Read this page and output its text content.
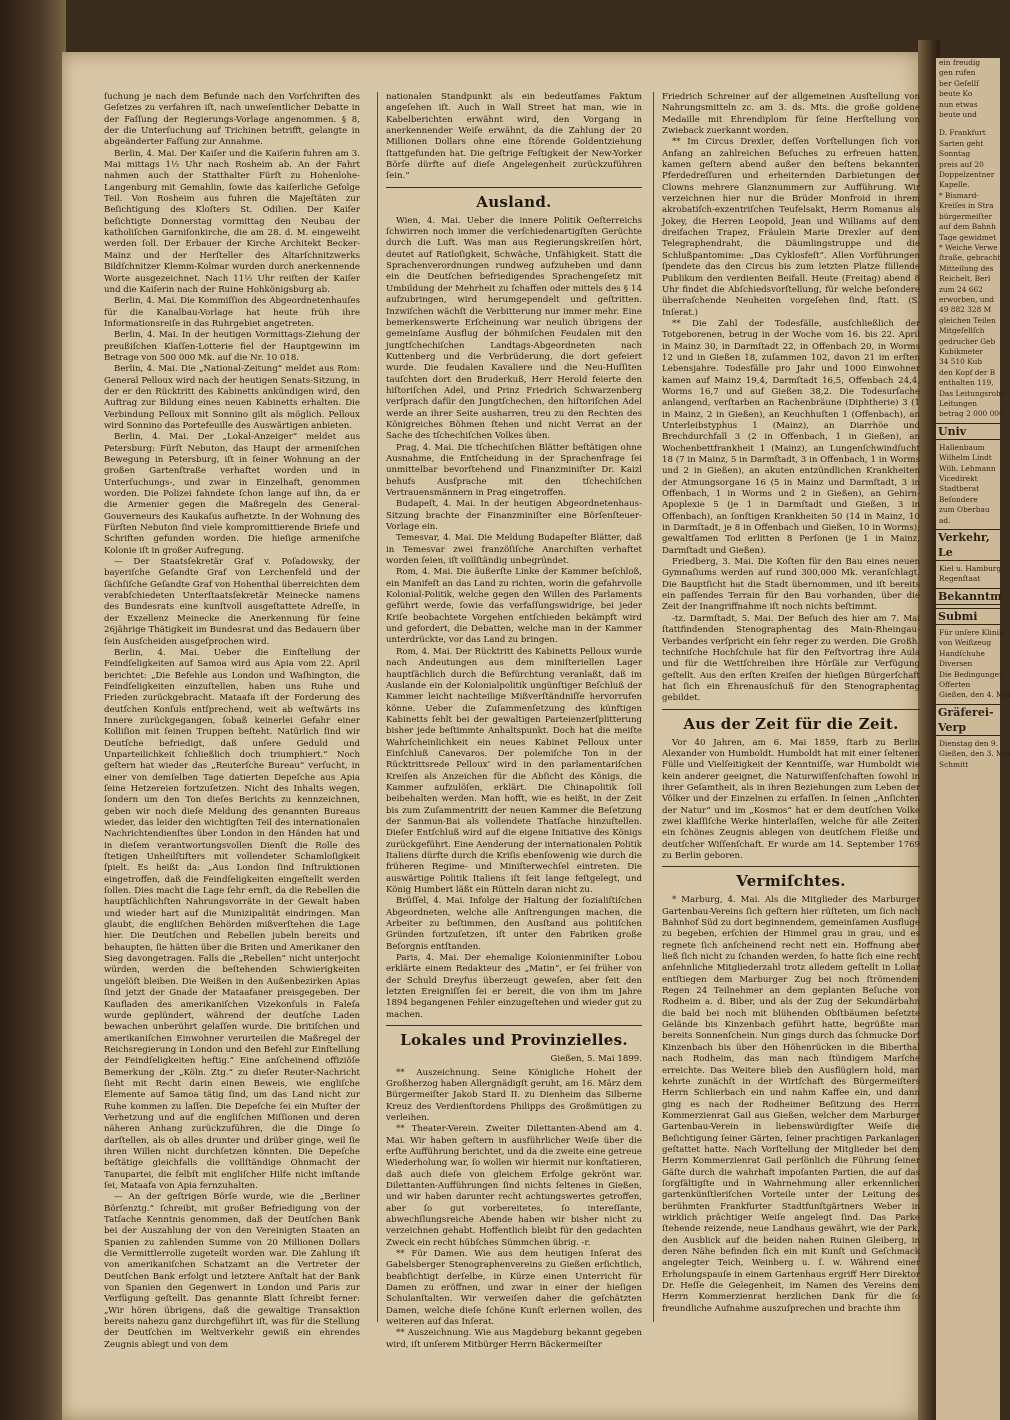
ein freudig
gen rufen
ber Geſellſ
beute Ko
nun etwas
beute und
D. Frankfurt
Sarten geht
Sonntag
preis auf 20
Doppelzentner
Kapelle.
* Bismard-
Kreiſes in Stra
bürgermeiſter
auf dem Bahnh
Tage gewidmet
* Weiche Verwe
ſtraße, gebracht
Mitteilung des
Reichelt, Berl
zum 24 662
erworben, und
49 882 328 M
gleichen Teilen
Mitgeſellſch
gedrucher Geb
Kubikmeter
34 510 Kub
den Kopf der B
enthalten 119,
Das Leitungsrohr
Leitungen
betrag 2 000 000
Univ
Hallenbaum
Wilhelm Lindt
Wilh. Lehmann
Vicedirekt
Stadtberat
Beſondere
zum Oberbau
ad.
Verkehr, Le
Kiel u. Hamburg
Regenſtaat
Bekanntm
Submi
Für unſere Klinik
von Weißzeug
Handſchuhe
Diversen
Die Bedingungen
Offerten
Gießen, den 4. Mai
Gräferei-Verp
Dienstag den 9.
Gießen, den 3. Mai
Schmitt

ſuchung je nach dem Befunde nach den Vorſchriften des Geſetzes zu verfahren iſt, nach unweſentlicher Debatte in der Faſſung der Regierungs-Vorlage angenommen. § 8, der die Unterſuchung auf Trichinen betrifft, gelangte in abgeänderter Faſſung zur Annahme.

Berlin, 4. Mai. Der Kaiſer und die Kaiſerin fuhren am 3. Mai mittags 1½ Uhr nach Rosheim ab. An der Fahrt nahmen auch der Statthalter Fürſt zu Hohenlohe-Langenburg mit Gemahlin, ſowie das kaiſerliche Gefolge Teil. Von Rosheim aus fuhren die Majeſtäten zur Beſichtigung des Kloſters St. Odilien. Der Kaiſer beſichtigte Donnerstag vormittag den Neubau der katholiſchen Garniſonkirche, die am 28. d. M. eingeweiht werden ſoll. Der Erbauer der Kirche Architekt Becker-Mainz und der Herſteller des Altarſchnitzwerks Bildſchnitzer Klemm-Kolmar wurden durch anerkennende Worte ausgezeichnet. Nach 11½ Uhr reiſten der Kaiſer und die Kaiſerin nach der Ruine Hohkönigsburg ab.

Berlin, 4. Mai. Die Kommiſſion des Abgeordnetenhauſes für die Kanalbau-Vorlage hat heute früh ihre Informationsreiſe in das Ruhrgebiet angetreten.

Berlin, 4. Mai. In der heutigen Vormittags-Ziehung der preußiſchen Klaſſen-Lotterie fiel der Hauptgewinn im Betrage von 500 000 Mk. auf die Nr. 10 018.

Berlin, 4. Mai. Die „National-Zeitung“ meldet aus Rom: General Pelloux wird nach der heutigen Senats-Sitzung, in der er den Rücktritt des Kabinetts ankündigen wird, den Auftrag zur Bildung eines neuen Kabinetts erhalten. Die Verbindung Pelloux mit Sonnino gilt als möglich. Pelloux wird Sonnino das Portefeuille des Auswärtigen anbieten.

Berlin, 4. Mai. Der „Lokal-Anzeiger“ meldet aus Petersburg: Fürſt Nebuton, das Haupt der armeniſchen Bewegung in Petersburg, iſt in ſeiner Wohnung an der großen Gartenſtraße verhaftet worden und in Unterſuchungs-, und zwar in Einzelhaft, genommen worden. Die Polizei fahndete ſchon lange auf ihn, da er die Armenier gegen die Maßregeln des General-Gouverneurs des Kaukaſus aufhetzte. In der Wohnung des Fürſten Nebuton ſind viele kompromittierende Briefe und Schriften gefunden worden. Die hieſige armeniſche Kolonie iſt in großer Aufregung.

— Der Staatsſekretär Graf v. Poſadowsky, der bayeriſche Geſandte Graf von Lerchenfeld und der ſächſiſche Geſandte Graf von Hohenthal überreichten dem verabſchiedeten Unterſtaatsſekretär Meinecke namens des Bundesrats eine kunſtvoll ausgeſtattete Adreſſe, in der Exzellenz Meinecke die Anerkennung für ſeine 26jährige Thätigkeit im Bundesrat und das Bedauern über ſein Ausſcheiden ausgeſprochen wird.

Berlin, 4. Mai. Ueber die Einſtellung der Feindſeligkeiten auf Samoa wird aus Apia vom 22. April berichtet: „Die Befehle aus London und Waſhington, die Feindſeligkeiten einzuſtellen, haben uns Ruhe und Frieden zurückgebracht. Mataafa iſt der Forderung des deutſchen Konſuls entſprechend, weit ab weſtwärts ins Innere zurückgegangen, ſobaß keinerlei Gefahr einer Kolliſion mit ſeinen Truppen beſteht. Natürlich ſind wir Deutſche befriedigt, daß unſere Geduld und Unparteilichkeit ſchließlich doch triumphiert.“ Noch geſtern hat wieder das „Reuterſche Bureau“ verſucht, in einer von demſelben Tage datierten Depeſche aus Apia ſeine Hetzereien fortzuſetzen. Nicht des Inhalts wegen, ſondern um den Ton dieſes Berichts zu kennzeichnen, geben wir noch dieſe Meldung des genannten Bureaus wieder, das leider den wichtigſten Teil des internationalen Nachrichtendienſtes über London in den Händen hat und in dieſem verantwortungsvollen Dienſt die Rolle des ſtetigen Unheilſtifters mit vollendeter Schamloſigkeit ſpielt. Es heißt da: „Aus London ſind Inſtruktionen eingetroffen, daß die Feindſeligkeiten eingeſtellt werden ſollen. Dies macht die Lage ſehr ernſt, da die Rebellen die hauptſächlichſten Nahrungsvorräte in der Gewalt haben und wieder hart auf die Munizipalität eindringen. Man glaubt, die engliſchen Behörden mißverſtehen die Lage hier. Die Deutſchen und Rebellen jubeln bereits und behaupten, ſie hätten über die Briten und Amerikaner den Sieg davongetragen. Falls die „Rebellen“ nicht unterjocht würden, werden die beſtehenden Schwierigkeiten ungelöſt bleiben. Die Weißen in den Außenbezirken Apias ſind jetzt der Gnade der Mataafaner preisgegeben. Der Kaufladen des amerikaniſchen Vizekonſuls in Faleſa wurde geplündert, während der deutſche Laden bewachen unberührt gelaſſen wurde. Die britiſchen und amerikaniſchen Einwohner verurteilen die Maßregel der Reichsregierung in London und den Befehl zur Einſtellung der Feindſeligkeiten heftig.“ Eine anſcheinend offiziöſe Bemerkung der „Köln. Ztg.“ zu dieſer Reuter-Nachricht ſieht mit Recht darin einen Beweis, wie engliſche Elemente auf Samoa tätig ſind, um das Land nicht zur Ruhe kommen zu laſſen. Die Depeſche ſei ein Muſter der Verhetzung und auf die engliſchen Miſſionen und deren näheren Anhang zurückzuführen, die die Dinge ſo darſtellen, als ob alles drunter und drüber ginge, weil ſie ihren Willen nicht durchſetzen könnten. Die Depeſche beſtätige gleichfalls die vollſtändige Ohnmacht der Tanupartei, die ſelbſt mit engliſcher Hilfe nicht imſtande ſei, Mataafa von Apia fernzuhalten.

— An der geſtrigen Börſe wurde, wie die „Berliner Börſenztg.“ ſchreibt, mit großer Befriedigung von der Tatſache Kenntnis genommen, daß der Deutſchen Bank bei der Auszahlung der von den Vereinigten Staaten an Spanien zu zahlenden Summe von 20 Millionen Dollars die Vermittlerrolle zugeteilt worden war. Die Zahlung iſt von amerikaniſchen Schatzamt an die Vertreter der Deutſchen Bank erfolgt und letztere Anſtalt hat der Bank von Spanien den Gegenwert in London und Paris zur Verfügung geſtellt. Das genannte Blatt ſchreibt ferner: „Wir hören übrigens, daß die gewaltige Transaktion bereits nahezu ganz durchgeführt iſt, was für die Stellung der Deutſchen im Weltverkehr gewiß ein ehrendes Zeugnis ablegt und von dem

nationalen Standpunkt als ein bedeutſames Faktum angeſehen iſt. Auch in Wall Street hat man, wie in Kabelberichten erwähnt wird, den Vorgang in anerkennender Weiſe erwähnt, da die Zahlung der 20 Millionen Dollars ohne eine ſtörende Goldentziehung ſtattgefunden hat. Die geſtrige Feſtigkeit der New-Yorker Börſe dürfte auf dieſe Angelegenheit zurückzuführen ſein.“

Ausland.

Wien, 4. Mai. Ueber die innere Politik Oeſterreichs ſchwirren noch immer die verſchiedenartigſten Gerüchte durch die Luft. Was man aus Regierungskreiſen hört, deutet auf Ratloſigkeit, Schwäche, Unfähigkeit. Statt die Sprachenverordnungen rundweg aufzuheben und dann ein die Deutſchen befriedigendes Sprachengeſetz mit Umbildung der Mehrheit zu ſchaffen oder mittels des § 14 aufzubringen, wird herumgependelt und geſtritten. Inzwiſchen wächſt die Verbitterung nur immer mehr. Eine bemerkenswerte Erſcheinung war neulich übrigens der gemeinſame Ausflug der böhmiſchen Feudalen mit den jungtſchechiſchen Landtags-Abgeordneten nach Kuttenberg und die Verbrüderung, die dort gefeiert wurde. Die feudalen Kavaliere und die Neu-Huſſiten tauſchten dort den Bruderkuß, Herr Herold feierte den hiſtoriſchen Adel, und Prinz Friedrich Schwarzenberg verſprach dafür den Jungtſchechen, den hiſtoriſchen Adel werde an ihrer Seite ausharren, treu zu den Rechten des Königreiches Böhmen ſtehen und nicht Verrat an der Sache des tſchechiſchen Volkes üben.

Prag, 4. Mai. Die tſchechiſchen Blätter beſtätigen ohne Ausnahme, die Entſcheidung in der Sprachenfrage ſei unmittelbar bevorſtehend und Finanzminiſter Dr. Kaizl behufs Ausſprache mit den tſchechiſchen Vertrauensmännern in Prag eingetroffen.

Budapeſt, 4. Mai. In der heutigen Abgeordnetenhaus-Sitzung brachte der Finanzminiſter eine Börſenſteuer-Vorlage ein.

Temesvar, 4. Mai. Die Meldung Budapeſter Blätter, daß in Temesvar zwei franzöſiſche Anarchiſten verhaftet worden ſeien, iſt vollſtändig unbegründet.

Rom, 4. Mai. Die äußerſte Linke der Kammer beſchloß, ein Manifeſt an das Land zu richten, worin die gefahrvolle Kolonial-Politik, welche gegen den Willen des Parlaments geführt werde, ſowie das verfaſſungswidrige, bei jeder Kriſe beobachtete Vorgehen entſchieden bekämpft wird und gefordert, die Debatten, welche man in der Kammer unterdrückte, vor das Land zu bringen.

Rom, 4. Mai. Der Rücktritt des Kabinetts Pelloux wurde nach Andeutungen aus dem miniſteriellen Lager hauptſächlich durch die Befürchtung veranlaßt, daß im Auslande ein der Kolonialpolitik ungünſtiger Beſchluß der Kammer leicht nachteilige Mißverſtändniſſe hervorrufen könne. Ueber die Zuſammenſetzung des künftigen Kabinetts ſehlt bei der gewaltigen Parteienzerſplitterung bisher jede beſtimmte Anhaltspunkt. Doch hat die meiſte Wahrſcheinlichkeit ein neues Kabinet Pelloux unter Einſchluß Canevaros. Der polemiſche Ton in der Rücktrittsrede Pelloux’ wird in den parlamentariſchen Kreiſen als Anzeichen für die Abſicht des Königs, die Kammer aufzulöſen, erklärt. Die Chinapolitik ſoll beibehalten werden. Man hofft, wie es heißt, in der Zeit bis zum Zuſammentritt der neuen Kammer die Beſetzung der Sanmun-Bai als vollendete Thatſache hinzuſtellen. Dieſer Entſchluß wird auf die eigene Initiative des Königs zurückgeführt. Eine Aenderung der internationalen Politik Italiens dürfte durch die Kriſis ebenſowenig wie durch die früheren Regime- und Miniſterwechſel eintreten. Die auswärtige Politik Italiens iſt ſeit lange feſtgelegt, und König Humbert läßt ein Rütteln daran nicht zu.

Brüſſel, 4. Mai. Infolge der Haltung der ſozialiſtiſchen Abgeordneten, welche alle Anſtrengungen machen, die Arbeiter zu beſtimmen, den Ausſtand aus politiſchen Gründen fortzuſetzen, iſt unter den Fabriken große Beſorgnis entſtanden.

Paris, 4. Mai. Der ehemalige Kolonienminiſter Lobou erklärte einem Redakteur des „Matin“, er ſei früher von der Schuld Dreyfus überzeugt geweſen, aber ſeit den letzten Ereigniſſen ſei er bereit, die von ihm im Jahre 1894 begangenen Fehler einzugeſtehen und wieder gut zu machen.

Lokales und Provinzielles.
Gießen, 5. Mai 1899.

** Auszeichnung. Seine Königliche Hoheit der Großherzog haben Allergnädigſt geruht, am 16. März dem Bürgermeiſter Jakob Stard II. zu Dienheim das Silberne Kreuz des Verdienſtordens Philipps des Großmütigen zu verleihen.

** Theater-Verein. Zweiter Dilettanten-Abend am 4. Mai. Wir haben geſtern in ausführlicher Weiſe über die erſte Aufführung berichtet, und da die zweite eine getreue Wiederholung war, ſo wollen wir hiermit nur konſtatieren, daß auch dieſe von gleichem Erfolge gekrönt war. Dilettanten-Aufführungen ſind nichts ſeltenes in Gießen, und wir haben darunter recht achtungswertes getroffen, aber ſo gut vorbereitetes, ſo intereſſante, abwechſlungsreiche Abende haben wir bisher nicht zu verzeichnen gehabt. Hoffentlich bleibt für den gedachten Zweck ein recht hübſches Sümmchen übrig. -r.

** Für Damen. Wie aus dem heutigen Inſerat des Gabelsberger Stenographenvereins zu Gießen erſichtlich, beabſichtigt derſelbe, in Kürze einen Unterricht für Damen zu eröffnen, und zwar in einer der hieſigen Schulanſtalten. Wir verweiſen daher die geſchätzten Damen, welche dieſe ſchöne Kunſt erlernen wollen, des weiteren auf das Inſerat.

** Auszeichnung. Wie aus Magdeburg bekannt gegeben wird, iſt unſerem Mitbürger Herrn Bäckermeiſter

Friedrich Schreiner auf der allgemeinen Ausſtellung von Nahrungsmitteln zc. am 3. ds. Mts. die große goldene Medaille mit Ehrendiplom für ſeine Herſtellung von Zwieback zuerkannt worden.

** Im Circus Drexler, deſſen Vorſtellungen ſich von Anfang an zahlreichen Beſuches zu erfreuen hatten, kamen geſtern abend außer den beſtens bekannten Pferdedreſſuren und erheiternden Darbietungen der Clowns mehrere Glanznummern zur Aufführung. Wir verzeichnen hier nur die Brüder Monfroid in ihrem akrobatiſch-exzentriſchen Teufelsakt, Herrn Romanus als Jokey, die Herren Leopold, Jean und Williams auf dem dreifachen Trapez, Fräulein Marie Drexler auf dem Telegraphendraht, die Däumlingstruppe und die Schlußpantomime: „Das Cyklosfeſt“. Allen Vorführungen ſpendete das den Circus bis zum letzten Platze füllende Publikum den verdienten Beifall. Heute (Freitag) abend 8 Uhr findet die Abſchiedsvorſtellung, für welche beſondere überraſchende Neuheiten vorgeſehen ſind, ſtatt. (S. Inſerat.)

** Die Zahl der Todesfälle, ausſchließlich der Totgeborenen, betrug in der Woche vom 16. bis 22. April in Mainz 30, in Darmſtadt 22, in Offenbach 20, in Worms 12 und in Gießen 18, zuſammen 102, davon 21 im erſten Lebensjahre. Todesfälle pro Jahr und 1000 Einwohner kamen auf Mainz 19,4, Darmſtadt 16,5, Offenbach 24,4, Worms 16,7 und auf Gießen 38,2. Die Todesurſache anlangend, verſtarben an Rachenbräune (Diphtherie) 3 (1 in Mainz, 2 in Gießen), an Keuchhuſten 1 (Offenbach), an Unterleibstyphus 1 (Mainz), an Diarrhöe und Brechdurchfall 3 (2 in Offenbach, 1 in Gießen), an Wochenbettfrankheit 1 (Mainz), an Lungenſchwindſucht 18 (7 in Mainz, 5 in Darmſtadt, 3 in Offenbach, 1 in Worms und 2 in Gießen), an akuten entzündlichen Krankheiten der Atmungsorgane 16 (5 in Mainz und Darmſtadt, 3 in Offenbach, 1 in Worms und 2 in Gießen), an Gehirn-Apoplexie 5 (je 1 in Darmſtadt und Gießen, 3 in Offenbach), an ſonſtigen Krankheiten 50 (14 in Mainz, 10 in Darmſtadt, je 8 in Offenbach und Gießen, 10 in Worms); gewaltſamen Tod erlitten 8 Perſonen (je 1 in Mainz, Darmſtadt und Gießen).

Friedberg, 3. Mai. Die Koſten für den Bau eines neuen Gymnaſiums werden auf rund 300,000 Mk. veranſchlagt. Die Bauptſicht hat die Stadt übernommen, und iſt bereits ein paſſendes Terrain für den Bau vorhanden, über die Zeit der Inangriffnahme iſt noch nichts beſtimmt.

-tz. Darmſtadt, 5. Mai. Der Beſuch des hier am 7. Mai ſtattfindenden Stenographentag des Main-Rheingau-Verbandes verſpricht ein ſehr reger zu werden. Die Großh. techniſche Hochſchule hat für den Feſtvortrag ihre Aula und für die Wettſchreiben ihre Hörſäle zur Verfügung geſtellt. Aus den erſten Kreiſen der hieſigen Bürgerſchaft hat ſich ein Ehrenausſchuß für den Stenographentag gebildet.

Aus der Zeit für die Zeit.

Vor 40 Jahren, am 6. Mai 1859, ſtarb zu Berlin Alexander von Humboldt. Humboldt hat mit einer ſeltenen Fülle und Vielſeitigkeit der Kenntniſſe, war Humboldt wie kein anderer geeignet, die Naturwiſſenſchaften ſowohl in ihrer Geſamtheit, als in ihren Beziehungen zum Leben der Völker und der Einzelnen zu erfaſſen. In ſeinen „Anſichten der Natur“ und im „Kosmos“ hat er dem deutſchen Volke zwei klaſſiſche Werke hinterlaſſen, welche für alle Zeiten ein ſchönes Zeugnis ablegen von deutſchem Fleiße und deutſcher Wiſſenſchaft. Er wurde am 14. September 1769 zu Berlin geboren.

Vermiſchtes.

* Marburg, 4. Mai. Als die Mitglieder des Marburger Gartenbau-Vereins ſich geſtern hier rüſteten, um ſich nach Bahnhof Süd zu dort beginnendem, gemeinſamen Ausfluge zu begeben, erſchien der Himmel grau in grau, und es regnete ſich anſcheinend recht nett ein. Hoffnung aber ließ ſich nicht zu ſchanden werden, ſo hatte ſich eine recht anſehnliche Mitgliederzahl trotz alledem geſtellt in Lollar entſtiegen dem Marburger Zug bei noch ſtrömendem Regen 24 Teilnehmer an dem geplanten Beſuche von Rodheim a. d. Biber, und als der Zug der Sekundärbahn die bald bei noch mit blühenden Obſtbäumen beſetzte Gelände bis Kinzenbach geführt hatte, begrüßte man bereits Sonnenſchein. Nun gings durch das ſchmucke Dorf Kinzenbach bis über den Höhenrücken in die Biberthal nach Rodheim, das man nach ſtündigem Marſche erreichte. Das Weitere blieb den Ausflüglern hold, man kehrte zunächſt in der Wirtſchaft des Bürgermeiſters Herrn Schlierbach ein und nahm Kaffee ein, und dann ging es nach der Rodheimer Beſitzung des Herrn Kommerzienrat Gail aus Gießen, welcher dem Marburger Gartenbau-Verein in liebenswürdigſter Weiſe die Beſichtigung ſeiner Gärten, ſeiner prachtigen Parkanlagen geſtattet hatte. Nach Vorſtellung der Mitglieder bei dem Herrn Kommerzienrat Gail perſönlich die Führung ſeiner Gäſte durch die wahrhaft impoſanten Partien, die auf das ſorgfältigſte und in Wahrnehmung aller erkennlichen gartenkünſtleriſchen Vorteile unter der Leitung des berühmten Frankfurter Stadtfunſtgärtners Weber in wirklich prächtiger Weiſe angelegt ſind. Das Parke ſtehende reizende, neue Landhaus gewährt, wie der Park, den Ausblick auf die beiden nahen Ruinen Gleiberg, in deren Nähe befinden ſich ein mit Kunſt und Geſchmack angelegter Teich, Weinberg u. ſ. w. Während einer Erholungspauſe in einem Gartenhaus ergriff Herr Direktor Dr. Heſſe die Gelegenheit, im Namen des Vereins dem Herrn Kommerzienrat herzlichen Dank für die ſo freundliche Aufnahme auszuſprechen und brachte ihm
